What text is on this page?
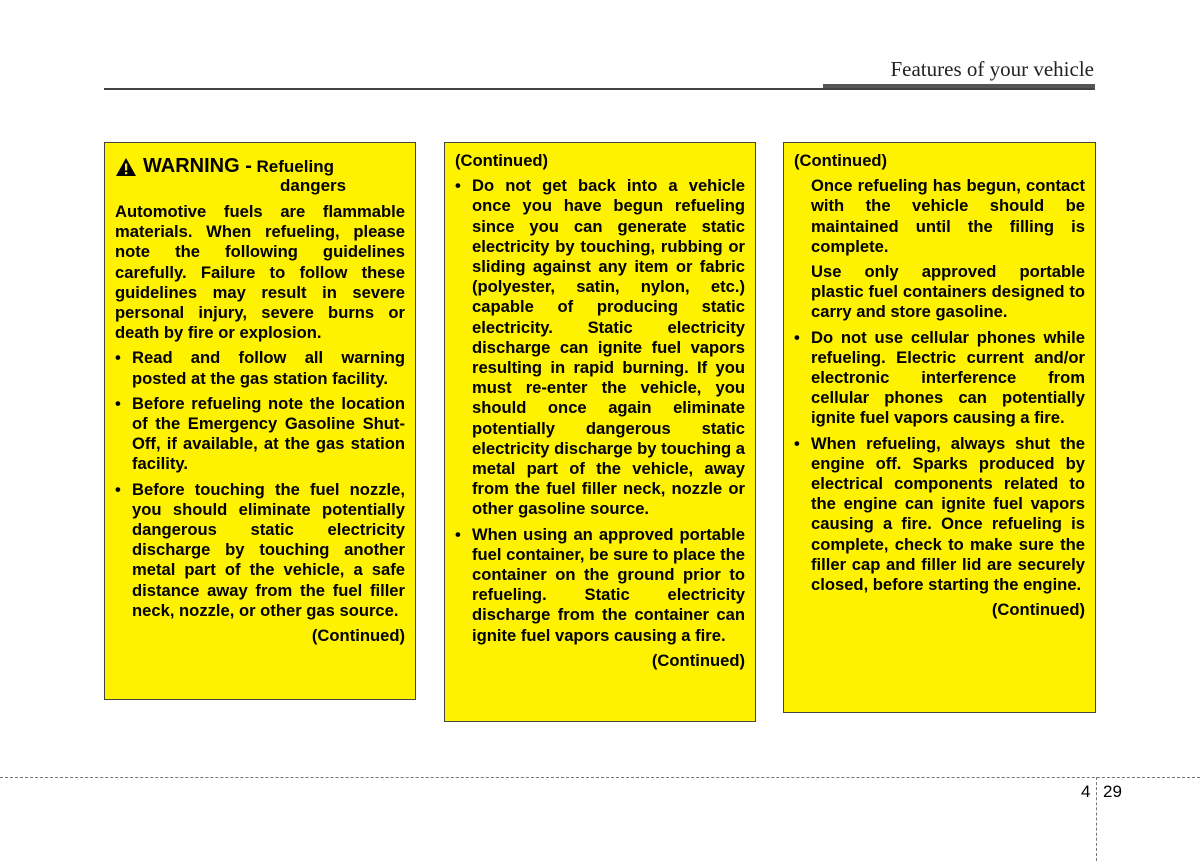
Features of your vehicle
WARNING - Refueling
dangers

Automotive fuels are flammable materials. When refueling, please note the following guidelines carefully. Failure to follow these guidelines may result in severe personal injury, severe burns or death by fire or explosion.

• Read and follow all warning posted at the gas station facility.
• Before refueling note the location of the Emergency Gasoline Shut-Off, if available, at the gas station facility.
• Before touching the fuel nozzle, you should eliminate potentially dangerous static electricity discharge by touching another metal part of the vehicle, a safe distance away from the fuel filler neck, nozzle, or other gas source.
(Continued)
(Continued)
• Do not get back into a vehicle once you have begun refueling since you can generate static electricity by touching, rubbing or sliding against any item or fabric (polyester, satin, nylon, etc.) capable of producing static electricity. Static electricity discharge can ignite fuel vapors resulting in rapid burning. If you must re-enter the vehicle, you should once again eliminate potentially dangerous static electricity discharge by touching a metal part of the vehicle, away from the fuel filler neck, nozzle or other gasoline source.
• When using an approved portable fuel container, be sure to place the container on the ground prior to refueling. Static electricity discharge from the container can ignite fuel vapors causing a fire.
(Continued)
(Continued)

Once refueling has begun, contact with the vehicle should be maintained until the filling is complete.

Use only approved portable plastic fuel containers designed to carry and store gasoline.

• Do not use cellular phones while refueling. Electric current and/or electronic interference from cellular phones can potentially ignite fuel vapors causing a fire.
• When refueling, always shut the engine off. Sparks produced by electrical components related to the engine can ignite fuel vapors causing a fire. Once refueling is complete, check to make sure the filler cap and filler lid are securely closed, before starting the engine.
(Continued)
4 29
